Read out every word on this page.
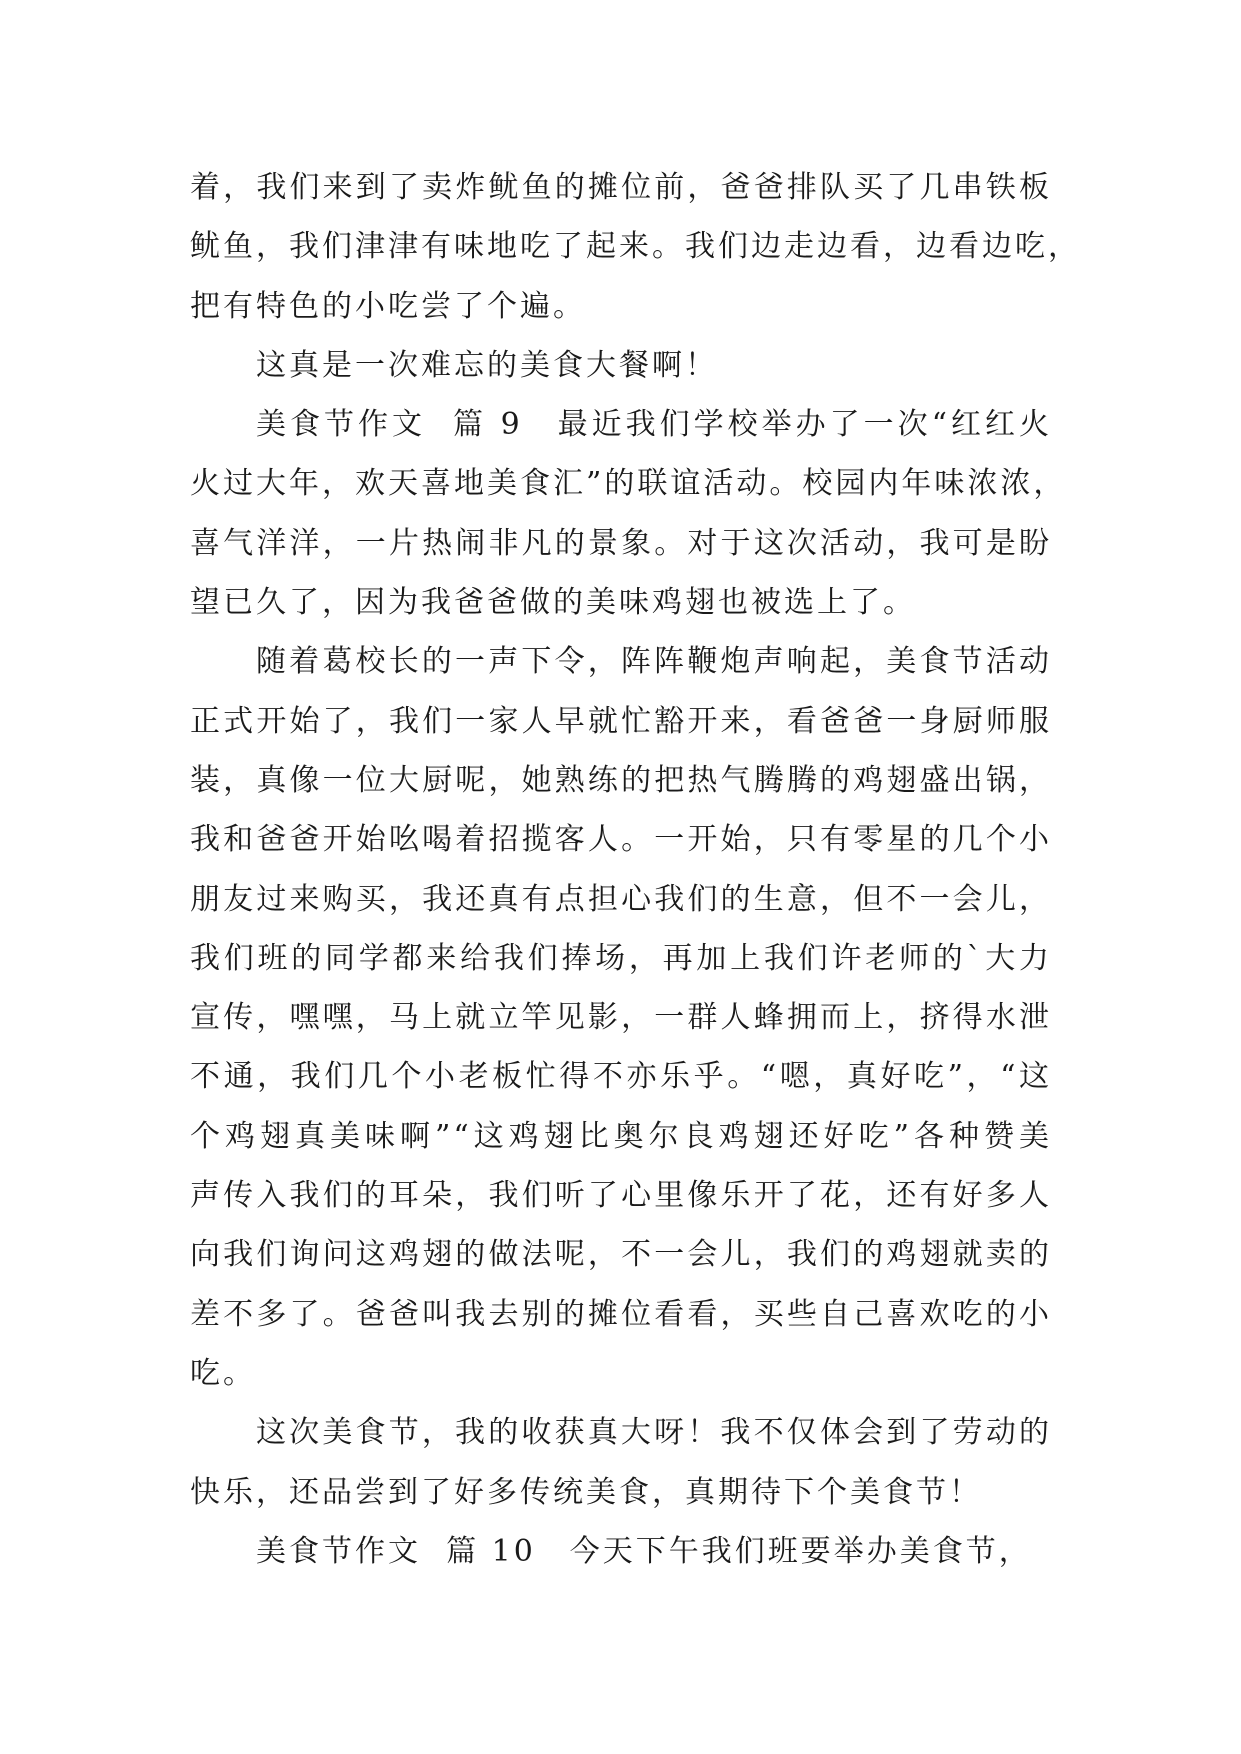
着，我们来到了卖炸鱿鱼的摊位前，爸爸排队买了几串铁板
鱿鱼，我们津津有味地吃了起来。我们边走边看，边看边吃，
把有特色的小吃尝了个遍。
这真是一次难忘的美食大餐啊！
美食节作文  篇 9 最近我们学校举办了一次“红红火
火过大年，欢天喜地美食汇”的联谊活动。校园内年味浓浓，
喜气洋洋，一片热闹非凡的景象。对于这次活动，我可是盼
望已久了，因为我爸爸做的美味鸡翅也被选上了。
随着葛校长的一声下令，阵阵鞭炮声响起，美食节活动
正式开始了，我们一家人早就忙豁开来，看爸爸一身厨师服
装，真像一位大厨呢，她熟练的把热气腾腾的鸡翅盛出锅，
我和爸爸开始吆喝着招揽客人。一开始，只有零星的几个小
朋友过来购买，我还真有点担心我们的生意，但不一会儿，
我们班的同学都来给我们捧场，再加上我们许老师的`大力
宣传，嘿嘿，马上就立竿见影，一群人蜂拥而上，挤得水泄
不通，我们几个小老板忙得不亦乐乎。“嗯，真好吃”，“这
个鸡翅真美味啊”“这鸡翅比奥尔良鸡翅还好吃”各种赞美
声传入我们的耳朵，我们听了心里像乐开了花，还有好多人
向我们询问这鸡翅的做法呢，不一会儿，我们的鸡翅就卖的
差不多了。爸爸叫我去别的摊位看看，买些自己喜欢吃的小
吃。
这次美食节，我的收获真大呀！我不仅体会到了劳动的
快乐，还品尝到了好多传统美食，真期待下个美食节！
美食节作文  篇 10 今天下午我们班要举办美食节，
